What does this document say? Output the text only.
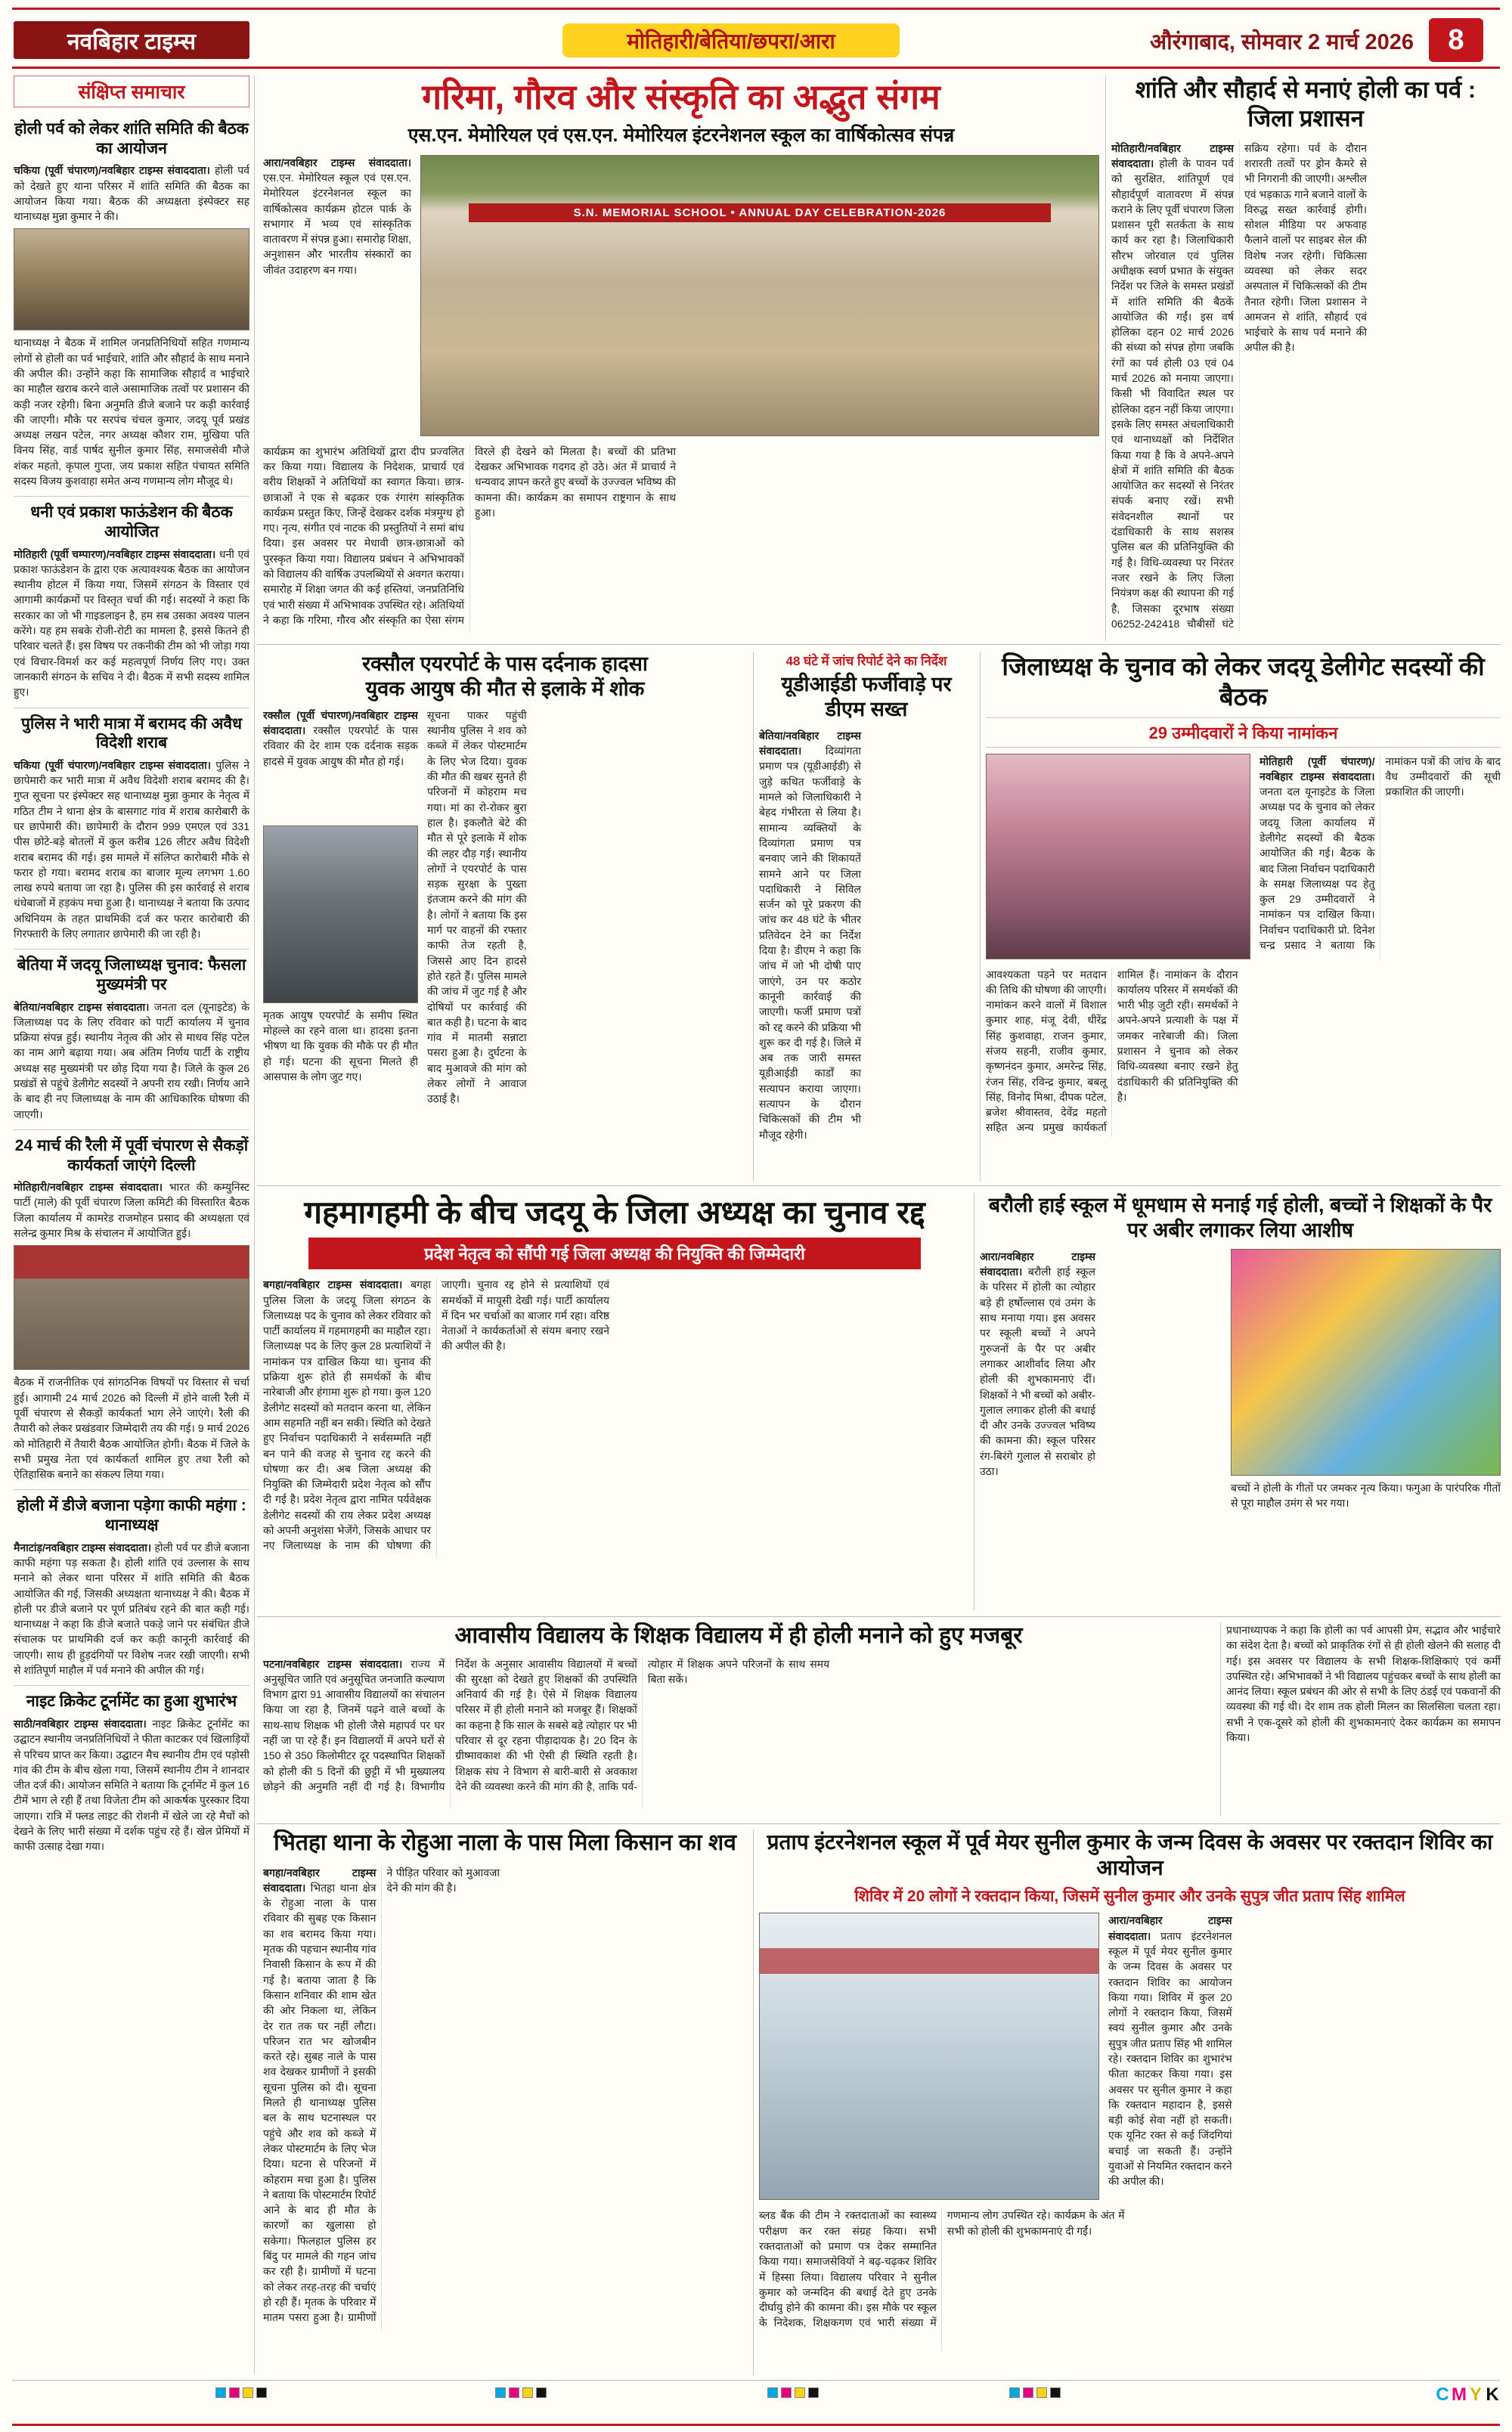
नवबिहार टाइम्स	मोतिहारी/बेतिया/छपरा/आरा	औरंगाबाद, सोमवार 2 मार्च 2026	8
संक्षिप्त समाचार
होली पर्व को लेकर शांति समिति की बैठक का आयोजन

चकिया (पूर्वी चंपारण)/नवबिहार टाइम्स संवाददाता। होली पर्व को देखते हुए थाना परिसर में शांति समिति की बैठक का आयोजन किया गया। बैठक की अध्यक्षता इंस्पेक्टर सह थानाध्यक्ष मुन्ना कुमार ने की।

थानाध्यक्ष ने बैठक में शामिल जनप्रतिनिधियों सहित गणमान्य लोगों से होली का पर्व भाईचारे, शांति और सौहार्द के साथ मनाने की अपील की। उन्होंने कहा कि सामाजिक सौहार्द व भाईचारे का माहौल खराब करने वाले असामाजिक तत्वों पर प्रशासन की कड़ी नजर रहेगी। बिना अनुमति डीजे बजाने पर कड़ी कार्रवाई की जाएगी। मौके पर सरपंच चंचल कुमार, जदयू पूर्व प्रखंड अध्यक्ष लखन पटेल, नगर अध्यक्ष कौशर राम, मुखिया पति विनय सिंह, वार्ड पार्षद सुनील कुमार सिंह, समाजसेवी मौजे शंकर महतो, कृपाल गुप्ता, जय प्रकाश सहित पंचायत समिति सदस्य विजय कुशवाहा समेत अन्य गणमान्य लोग मौजूद थे।

धनी एवं प्रकाश फाऊंडेशन की बैठक आयोजित

मोतिहारी (पूर्वी चम्पारण)/नवबिहार टाइम्स संवाददाता। धनी एवं प्रकाश फाऊंडेशन के द्वारा एक अत्यावश्यक बैठक का आयोजन स्थानीय होटल में किया गया, जिसमें संगठन के विस्तार एवं आगामी कार्यक्रमों पर विस्तृत चर्चा की गई। सदस्यों ने कहा कि सरकार का जो भी गाइडलाइन है, हम सब उसका अवश्य पालन करेंगे। यह हम सबके रोजी-रोटी का मामला है, इससे कितने ही परिवार चलते हैं। इस विषय पर तकनीकी टीम को भी जोड़ा गया एवं विचार-विमर्श कर कई महत्वपूर्ण निर्णय लिए गए। उक्त जानकारी संगठन के सचिव ने दी। बैठक में सभी सदस्य शामिल हुए।

पुलिस ने भारी मात्रा में बरामद की अवैध विदेशी शराब

चकिया (पूर्वी चंपारण)/नवबिहार टाइम्स संवाददाता। पुलिस ने छापेमारी कर भारी मात्रा में अवैध विदेशी शराब बरामद की है। गुप्त सूचना पर इंस्पेक्टर सह थानाध्यक्ष मुन्ना कुमार के नेतृत्व में गठित टीम ने थाना क्षेत्र के बासगाट गांव में शराब कारोबारी के घर छापेमारी की। छापेमारी के दौरान 999 एमएल एवं 331 पीस छोटे-बड़े बोतलों में कुल करीब 126 लीटर अवैध विदेशी शराब बरामद की गई। इस मामले में संलिप्त कारोबारी मौके से फरार हो गया। बरामद शराब का बाजार मूल्य लगभग 1.60 लाख रुपये बताया जा रहा है। पुलिस की इस कार्रवाई से शराब धंधेबाजों में हड़कंप मचा हुआ है। थानाध्यक्ष ने बताया कि उत्पाद अधिनियम के तहत प्राथमिकी दर्ज कर फरार कारोबारी की गिरफ्तारी के लिए लगातार छापेमारी की जा रही है।

बेतिया में जदयू जिलाध्यक्ष चुनाव: फैसला मुख्यमंत्री पर

बेतिया/नवबिहार टाइम्स संवाददाता। जनता दल (यूनाइटेड) के जिलाध्यक्ष पद के लिए रविवार को पार्टी कार्यालय में चुनाव प्रक्रिया संपन्न हुई। स्थानीय नेतृत्व की ओर से माधव सिंह पटेल का नाम आगे बढ़ाया गया। अब अंतिम निर्णय पार्टी के राष्ट्रीय अध्यक्ष सह मुख्यमंत्री पर छोड़ दिया गया है। जिले के कुल 26 प्रखंडों से पहुंचे डेलीगेट सदस्यों ने अपनी राय रखी। निर्णय आने के बाद ही नए जिलाध्यक्ष के नाम की आधिकारिक घोषणा की जाएगी।

24 मार्च की रैली में पूर्वी चंपारण से सैकड़ों कार्यकर्ता जाएंगे दिल्ली

मोतिहारी/नवबिहार टाइम्स संवाददाता। भारत की कम्युनिस्ट पार्टी (माले) की पूर्वी चंपारण जिला कमिटी की विस्तारित बैठक जिला कार्यालय में कामरेड राजमोहन प्रसाद की अध्यक्षता एवं सलेन्द्र कुमार मिश्र के संचालन में आयोजित हुई।

बैठक में राजनीतिक एवं सांगठनिक विषयों पर विस्तार से चर्चा हुई। आगामी 24 मार्च 2026 को दिल्ली में होने वाली रैली में पूर्वी चंपारण से सैकड़ों कार्यकर्ता भाग लेने जाएंगे। रैली की तैयारी को लेकर प्रखंडवार जिम्मेदारी तय की गई। 9 मार्च 2026 को मोतिहारी में तैयारी बैठक आयोजित होगी। बैठक में जिले के सभी प्रमुख नेता एवं कार्यकर्ता शामिल हुए तथा रैली को ऐतिहासिक बनाने का संकल्प लिया गया।

होली में डीजे बजाना पड़ेगा काफी महंगा : थानाध्यक्ष

मैनाटांड़/नवबिहार टाइम्स संवाददाता। होली पर्व पर डीजे बजाना काफी महंगा पड़ सकता है। होली शांति एवं उल्लास के साथ मनाने को लेकर थाना परिसर में शांति समिति की बैठक आयोजित की गई, जिसकी अध्यक्षता थानाध्यक्ष ने की। बैठक में होली पर डीजे बजाने पर पूर्ण प्रतिबंध रहने की बात कही गई। थानाध्यक्ष ने कहा कि डीजे बजाते पकड़े जाने पर संबंधित डीजे संचालक पर प्राथमिकी दर्ज कर कड़ी कानूनी कार्रवाई की जाएगी। साथ ही हुड़दंगियों पर विशेष नजर रखी जाएगी। सभी से शांतिपूर्ण माहौल में पर्व मनाने की अपील की गई।

नाइट क्रिकेट टूर्नामेंट का हुआ शुभारंभ

साठी/नवबिहार टाइम्स संवाददाता। नाइट क्रिकेट टूर्नामेंट का उद्घाटन स्थानीय जनप्रतिनिधियों ने फीता काटकर एवं खिलाड़ियों से परिचय प्राप्त कर किया। उद्घाटन मैच स्थानीय टीम एवं पड़ोसी गांव की टीम के बीच खेला गया, जिसमें स्थानीय टीम ने शानदार जीत दर्ज की। आयोजन समिति ने बताया कि टूर्नामेंट में कुल 16 टीमें भाग ले रही हैं तथा विजेता टीम को आकर्षक पुरस्कार दिया जाएगा। रात्रि में फ्लड लाइट की रोशनी में खेले जा रहे मैचों को देखने के लिए भारी संख्या में दर्शक पहुंच रहे हैं। खेल प्रेमियों में काफी उत्साह देखा गया।

गरिमा, गौरव और संस्कृति का अद्भुत संगम
एस.एन. मेमोरियल एवं एस.एन. मेमोरियल इंटरनेशनल स्कूल का वार्षिकोत्सव संपन्न

आरा/नवबिहार टाइम्स संवाददाता। एस.एन. मेमोरियल स्कूल एवं एस.एन. मेमोरियल इंटरनेशनल स्कूल का वार्षिकोत्सव कार्यक्रम होटल पार्क के सभागार में भव्य एवं सांस्कृतिक वातावरण में संपन्न हुआ। समारोह शिक्षा, अनुशासन और भारतीय संस्कारों का जीवंत उदाहरण बन गया।

S.N. MEMORIAL SCHOOL • ANNUAL DAY CELEBRATION-2026
कार्यक्रम का शुभारंभ अतिथियों द्वारा दीप प्रज्वलित कर किया गया। विद्यालय के निदेशक, प्राचार्य एवं वरीय शिक्षकों ने अतिथियों का स्वागत किया। छात्र-छात्राओं ने एक से बढ़कर एक रंगारंग सांस्कृतिक कार्यक्रम प्रस्तुत किए, जिन्हें देखकर दर्शक मंत्रमुग्ध हो गए। नृत्य, संगीत एवं नाटक की प्रस्तुतियों ने समां बांध दिया। इस अवसर पर मेधावी छात्र-छात्राओं को पुरस्कृत किया गया। विद्यालय प्रबंधन ने अभिभावकों को विद्यालय की वार्षिक उपलब्धियों से अवगत कराया। समारोह में शिक्षा जगत की कई हस्तियां, जनप्रतिनिधि एवं भारी संख्या में अभिभावक उपस्थित रहे। अतिथियों ने कहा कि गरिमा, गौरव और संस्कृति का ऐसा संगम विरले ही देखने को मिलता है। बच्चों की प्रतिभा देखकर अभिभावक गदगद हो उठे। अंत में प्राचार्य ने धन्यवाद ज्ञापन करते हुए बच्चों के उज्ज्वल भविष्य की कामना की। कार्यक्रम का समापन राष्ट्रगान के साथ हुआ।
शांति और सौहार्द से मनाएं होली का पर्व : जिला प्रशासन
मोतिहारी/नवबिहार टाइम्स संवाददाता। होली के पावन पर्व को सुरक्षित, शांतिपूर्ण एवं सौहार्दपूर्ण वातावरण में संपन्न कराने के लिए पूर्वी चंपारण जिला प्रशासन पूरी सतर्कता के साथ कार्य कर रहा है। जिलाधिकारी सौरभ जोरवाल एवं पुलिस अधीक्षक स्वर्ण प्रभात के संयुक्त निर्देश पर जिले के समस्त प्रखंडों में शांति समिति की बैठकें आयोजित की गईं। इस वर्ष होलिका दहन 02 मार्च 2026 की संध्या को संपन्न होगा जबकि रंगों का पर्व होली 03 एवं 04 मार्च 2026 को मनाया जाएगा। किसी भी विवादित स्थल पर होलिका दहन नहीं किया जाएगा। इसके लिए समस्त अंचलाधिकारी एवं थानाध्यक्षों को निर्देशित किया गया है कि वे अपने-अपने क्षेत्रों में शांति समिति की बैठक आयोजित कर सदस्यों से निरंतर संपर्क बनाए रखें। सभी संवेदनशील स्थानों पर दंडाधिकारी के साथ सशस्त्र पुलिस बल की प्रतिनियुक्ति की गई है। विधि-व्यवस्था पर निरंतर नजर रखने के लिए जिला नियंत्रण कक्ष की स्थापना की गई है, जिसका दूरभाष संख्या 06252-242418 चौबीसों घंटे सक्रिय रहेगा। पर्व के दौरान शरारती तत्वों पर ड्रोन कैमरे से भी निगरानी की जाएगी। अश्लील एवं भड़काऊ गाने बजाने वालों के विरुद्ध सख्त कार्रवाई होगी। सोशल मीडिया पर अफवाह फैलाने वालों पर साइबर सेल की विशेष नजर रहेगी। चिकित्सा व्यवस्था को लेकर सदर अस्पताल में चिकित्सकों की टीम तैनात रहेगी। जिला प्रशासन ने आमजन से शांति, सौहार्द एवं भाईचारे के साथ पर्व मनाने की अपील की है।
रक्सौल एयरपोर्ट के पास दर्दनाक हादसा
युवक आयुष की मौत से इलाके में शोक

रक्सौल (पूर्वी चंपारण)/नवबिहार टाइम्स संवाददाता। रक्सौल एयरपोर्ट के पास रविवार की देर शाम एक दर्दनाक सड़क हादसे में युवक आयुष की मौत हो गई।

मृतक आयुष एयरपोर्ट के समीप स्थित मोहल्ले का रहने वाला था। हादसा इतना भीषण था कि युवक की मौके पर ही मौत हो गई। घटना की सूचना मिलते ही आसपास के लोग जुट गए।

सूचना पाकर पहुंची स्थानीय पुलिस ने शव को कब्जे में लेकर पोस्टमार्टम के लिए भेज दिया। युवक की मौत की खबर सुनते ही परिजनों में कोहराम मच गया। मां का रो-रोकर बुरा हाल है। इकलौते बेटे की मौत से पूरे इलाके में शोक की लहर दौड़ गई। स्थानीय लोगों ने एयरपोर्ट के पास सड़क सुरक्षा के पुख्ता इंतजाम करने की मांग की है। लोगों ने बताया कि इस मार्ग पर वाहनों की रफ्तार काफी तेज रहती है, जिससे आए दिन हादसे होते रहते हैं। पुलिस मामले की जांच में जुट गई है और दोषियों पर कार्रवाई की बात कही है। घटना के बाद गांव में मातमी सन्नाटा पसरा हुआ है। दुर्घटना के बाद मुआवजे की मांग को लेकर लोगों ने आवाज उठाई है।
48 घंटे में जांच रिपोर्ट देने का निर्देश
यूडीआईडी फर्जीवाड़े पर डीएम सख्त
बेतिया/नवबिहार टाइम्स संवाददाता। दिव्यांगता प्रमाण पत्र (यूडीआईडी) से जुड़े कथित फर्जीवाड़े के मामले को जिलाधिकारी ने बेहद गंभीरता से लिया है। सामान्य व्यक्तियों के दिव्यांगता प्रमाण पत्र बनवाए जाने की शिकायतें सामने आने पर जिला पदाधिकारी ने सिविल सर्जन को पूरे प्रकरण की जांच कर 48 घंटे के भीतर प्रतिवेदन देने का निर्देश दिया है। डीएम ने कहा कि जांच में जो भी दोषी पाए जाएंगे, उन पर कठोर कानूनी कार्रवाई की जाएगी। फर्जी प्रमाण पत्रों को रद्द करने की प्रक्रिया भी शुरू कर दी गई है। जिले में अब तक जारी समस्त यूडीआईडी कार्डों का सत्यापन कराया जाएगा। सत्यापन के दौरान चिकित्सकों की टीम भी मौजूद रहेगी।
जिलाध्यक्ष के चुनाव को लेकर जदयू डेलीगेट सदस्यों की बैठक
29 उम्मीदवारों ने किया नामांकन
मोतिहारी (पूर्वी चंपारण)/नवबिहार टाइम्स संवाददाता। जनता दल यूनाइटेड के जिला अध्यक्ष पद के चुनाव को लेकर जदयू जिला कार्यालय में डेलीगेट सदस्यों की बैठक आयोजित की गई। बैठक के बाद जिला निर्वाचन पदाधिकारी के समक्ष जिलाध्यक्ष पद हेतु कुल 29 उम्मीदवारों ने नामांकन पत्र दाखिल किया। निर्वाचन पदाधिकारी प्रो. दिनेश चन्द्र प्रसाद ने बताया कि नामांकन पत्रों की जांच के बाद वैध उम्मीदवारों की सूची प्रकाशित की जाएगी।
आवश्यकता पड़ने पर मतदान की तिथि की घोषणा की जाएगी। नामांकन करने वालों में विशाल कुमार शाह, मंजू देवी, धीरेंद्र सिंह कुशवाहा, राजन कुमार, संजय सहनी, राजीव कुमार, कृष्णनंदन कुमार, अमरेन्द्र सिंह, रंजन सिंह, रविन्द्र कुमार, बबलू सिंह, विनोद मिश्रा, दीपक पटेल, ब्रजेश श्रीवास्तव, देवेंद्र महतो सहित अन्य प्रमुख कार्यकर्ता शामिल हैं। नामांकन के दौरान कार्यालय परिसर में समर्थकों की भारी भीड़ जुटी रही। समर्थकों ने अपने-अपने प्रत्याशी के पक्ष में जमकर नारेबाजी की। जिला प्रशासन ने चुनाव को लेकर विधि-व्यवस्था बनाए रखने हेतु दंडाधिकारी की प्रतिनियुक्ति की है।
गहमागहमी के बीच जदयू के जिला अध्यक्ष का चुनाव रद्द
प्रदेश नेतृत्व को सौंपी गई जिला अध्यक्ष की नियुक्ति की जिम्मेदारी
बगहा/नवबिहार टाइम्स संवाददाता। बगहा पुलिस जिला के जदयू जिला संगठन के जिलाध्यक्ष पद के चुनाव को लेकर रविवार को पार्टी कार्यालय में गहमागहमी का माहौल रहा। जिलाध्यक्ष पद के लिए कुल 28 प्रत्याशियों ने नामांकन पत्र दाखिल किया था। चुनाव की प्रक्रिया शुरू होते ही समर्थकों के बीच नारेबाजी और हंगामा शुरू हो गया। कुल 120 डेलीगेट सदस्यों को मतदान करना था, लेकिन आम सहमति नहीं बन सकी। स्थिति को देखते हुए निर्वाचन पदाधिकारी ने सर्वसम्मति नहीं बन पाने की वजह से चुनाव रद्द करने की घोषणा कर दी। अब जिला अध्यक्ष की नियुक्ति की जिम्मेदारी प्रदेश नेतृत्व को सौंप दी गई है। प्रदेश नेतृत्व द्वारा नामित पर्यवेक्षक डेलीगेट सदस्यों की राय लेकर प्रदेश अध्यक्ष को अपनी अनुशंसा भेजेंगे, जिसके आधार पर नए जिलाध्यक्ष के नाम की घोषणा की जाएगी। चुनाव रद्द होने से प्रत्याशियों एवं समर्थकों में मायूसी देखी गई। पार्टी कार्यालय में दिन भर चर्चाओं का बाजार गर्म रहा। वरिष्ठ नेताओं ने कार्यकर्ताओं से संयम बनाए रखने की अपील की है।
बरौली हाई स्कूल में धूमधाम से मनाई गई होली, बच्चों ने शिक्षकों के पैर पर अबीर लगाकर लिया आशीष
आरा/नवबिहार टाइम्स संवाददाता। बरौली हाई स्कूल के परिसर में होली का त्योहार बड़े ही हर्षोल्लास एवं उमंग के साथ मनाया गया। इस अवसर पर स्कूली बच्चों ने अपने गुरुजनों के पैर पर अबीर लगाकर आशीर्वाद लिया और होली की शुभकामनाएं दीं। शिक्षकों ने भी बच्चों को अबीर-गुलाल लगाकर होली की बधाई दी और उनके उज्ज्वल भविष्य की कामना की। स्कूल परिसर रंग-बिरंगे गुलाल से सराबोर हो उठा।

बच्चों ने होली के गीतों पर जमकर नृत्य किया। फगुआ के पारंपरिक गीतों से पूरा माहौल उमंग से भर गया।

आवासीय विद्यालय के शिक्षक विद्यालय में ही होली मनाने को हुए मजबूर
पटना/नवबिहार टाइम्स संवाददाता। राज्य में अनुसूचित जाति एवं अनुसूचित जनजाति कल्याण विभाग द्वारा 91 आवासीय विद्यालयों का संचालन किया जा रहा है, जिनमें पढ़ने वाले बच्चों के साथ-साथ शिक्षक भी होली जैसे महापर्व पर घर नहीं जा पा रहे हैं। इन विद्यालयों में अपने घरों से 150 से 350 किलोमीटर दूर पदस्थापित शिक्षकों को होली की 5 दिनों की छुट्टी में भी मुख्यालय छोड़ने की अनुमति नहीं दी गई है। विभागीय निर्देश के अनुसार आवासीय विद्यालयों में बच्चों की सुरक्षा को देखते हुए शिक्षकों की उपस्थिति अनिवार्य की गई है। ऐसे में शिक्षक विद्यालय परिसर में ही होली मनाने को मजबूर हैं। शिक्षकों का कहना है कि साल के सबसे बड़े त्योहार पर भी परिवार से दूर रहना पीड़ादायक है। 20 दिन के ग्रीष्मावकाश की भी ऐसी ही स्थिति रहती है। शिक्षक संघ ने विभाग से बारी-बारी से अवकाश देने की व्यवस्था करने की मांग की है, ताकि पर्व-त्योहार में शिक्षक अपने परिजनों के साथ समय बिता सकें।

प्रधानाध्यापक ने कहा कि होली का पर्व आपसी प्रेम, सद्भाव और भाईचारे का संदेश देता है। बच्चों को प्राकृतिक रंगों से ही होली खेलने की सलाह दी गई। इस अवसर पर विद्यालय के सभी शिक्षक-शिक्षिकाएं एवं कर्मी उपस्थित रहे। अभिभावकों ने भी विद्यालय पहुंचकर बच्चों के साथ होली का आनंद लिया। स्कूल प्रबंधन की ओर से सभी के लिए ठंडई एवं पकवानों की व्यवस्था की गई थी। देर शाम तक होली मिलन का सिलसिला चलता रहा। सभी ने एक-दूसरे को होली की शुभकामनाएं देकर कार्यक्रम का समापन किया।

भितहा थाना के रोहुआ नाला के पास मिला किसान का शव
बगहा/नवबिहार टाइम्स संवाददाता। भितहा थाना क्षेत्र के रोहुआ नाला के पास रविवार की सुबह एक किसान का शव बरामद किया गया। मृतक की पहचान स्थानीय गांव निवासी किसान के रूप में की गई है। बताया जाता है कि किसान शनिवार की शाम खेत की ओर निकला था, लेकिन देर रात तक घर नहीं लौटा। परिजन रात भर खोजबीन करते रहे। सुबह नाले के पास शव देखकर ग्रामीणों ने इसकी सूचना पुलिस को दी। सूचना मिलते ही थानाध्यक्ष पुलिस बल के साथ घटनास्थल पर पहुंचे और शव को कब्जे में लेकर पोस्टमार्टम के लिए भेज दिया। घटना से परिजनों में कोहराम मचा हुआ है। पुलिस ने बताया कि पोस्टमार्टम रिपोर्ट आने के बाद ही मौत के कारणों का खुलासा हो सकेगा। फिलहाल पुलिस हर बिंदु पर मामले की गहन जांच कर रही है। ग्रामीणों में घटना को लेकर तरह-तरह की चर्चाएं हो रही हैं। मृतक के परिवार में मातम पसरा हुआ है। ग्रामीणों ने पीड़ित परिवार को मुआवजा देने की मांग की है।
प्रताप इंटरनेशनल स्कूल में पूर्व मेयर सुनील कुमार के जन्म दिवस के अवसर पर रक्तदान शिविर का आयोजन
शिविर में 20 लोगों ने रक्तदान किया, जिसमें सुनील कुमार और उनके सुपुत्र जीत प्रताप सिंह शामिल
आरा/नवबिहार टाइम्स संवाददाता। प्रताप इंटरनेशनल स्कूल में पूर्व मेयर सुनील कुमार के जन्म दिवस के अवसर पर रक्तदान शिविर का आयोजन किया गया। शिविर में कुल 20 लोगों ने रक्तदान किया, जिसमें स्वयं सुनील कुमार और उनके सुपुत्र जीत प्रताप सिंह भी शामिल रहे। रक्तदान शिविर का शुभारंभ फीता काटकर किया गया। इस अवसर पर सुनील कुमार ने कहा कि रक्तदान महादान है, इससे बड़ी कोई सेवा नहीं हो सकती। एक यूनिट रक्त से कई जिंदगियां बचाई जा सकती हैं। उन्होंने युवाओं से नियमित रक्तदान करने की अपील की।
ब्लड बैंक की टीम ने रक्तदाताओं का स्वास्थ्य परीक्षण कर रक्त संग्रह किया। सभी रक्तदाताओं को प्रमाण पत्र देकर सम्मानित किया गया। समाजसेवियों ने बढ़-चढ़कर शिविर में हिस्सा लिया। विद्यालय परिवार ने सुनील कुमार को जन्मदिन की बधाई देते हुए उनके दीर्घायु होने की कामना की। इस मौके पर स्कूल के निदेशक, शिक्षकगण एवं भारी संख्या में गणमान्य लोग उपस्थित रहे। कार्यक्रम के अंत में सभी को होली की शुभकामनाएं दी गईं।
C M Y K
